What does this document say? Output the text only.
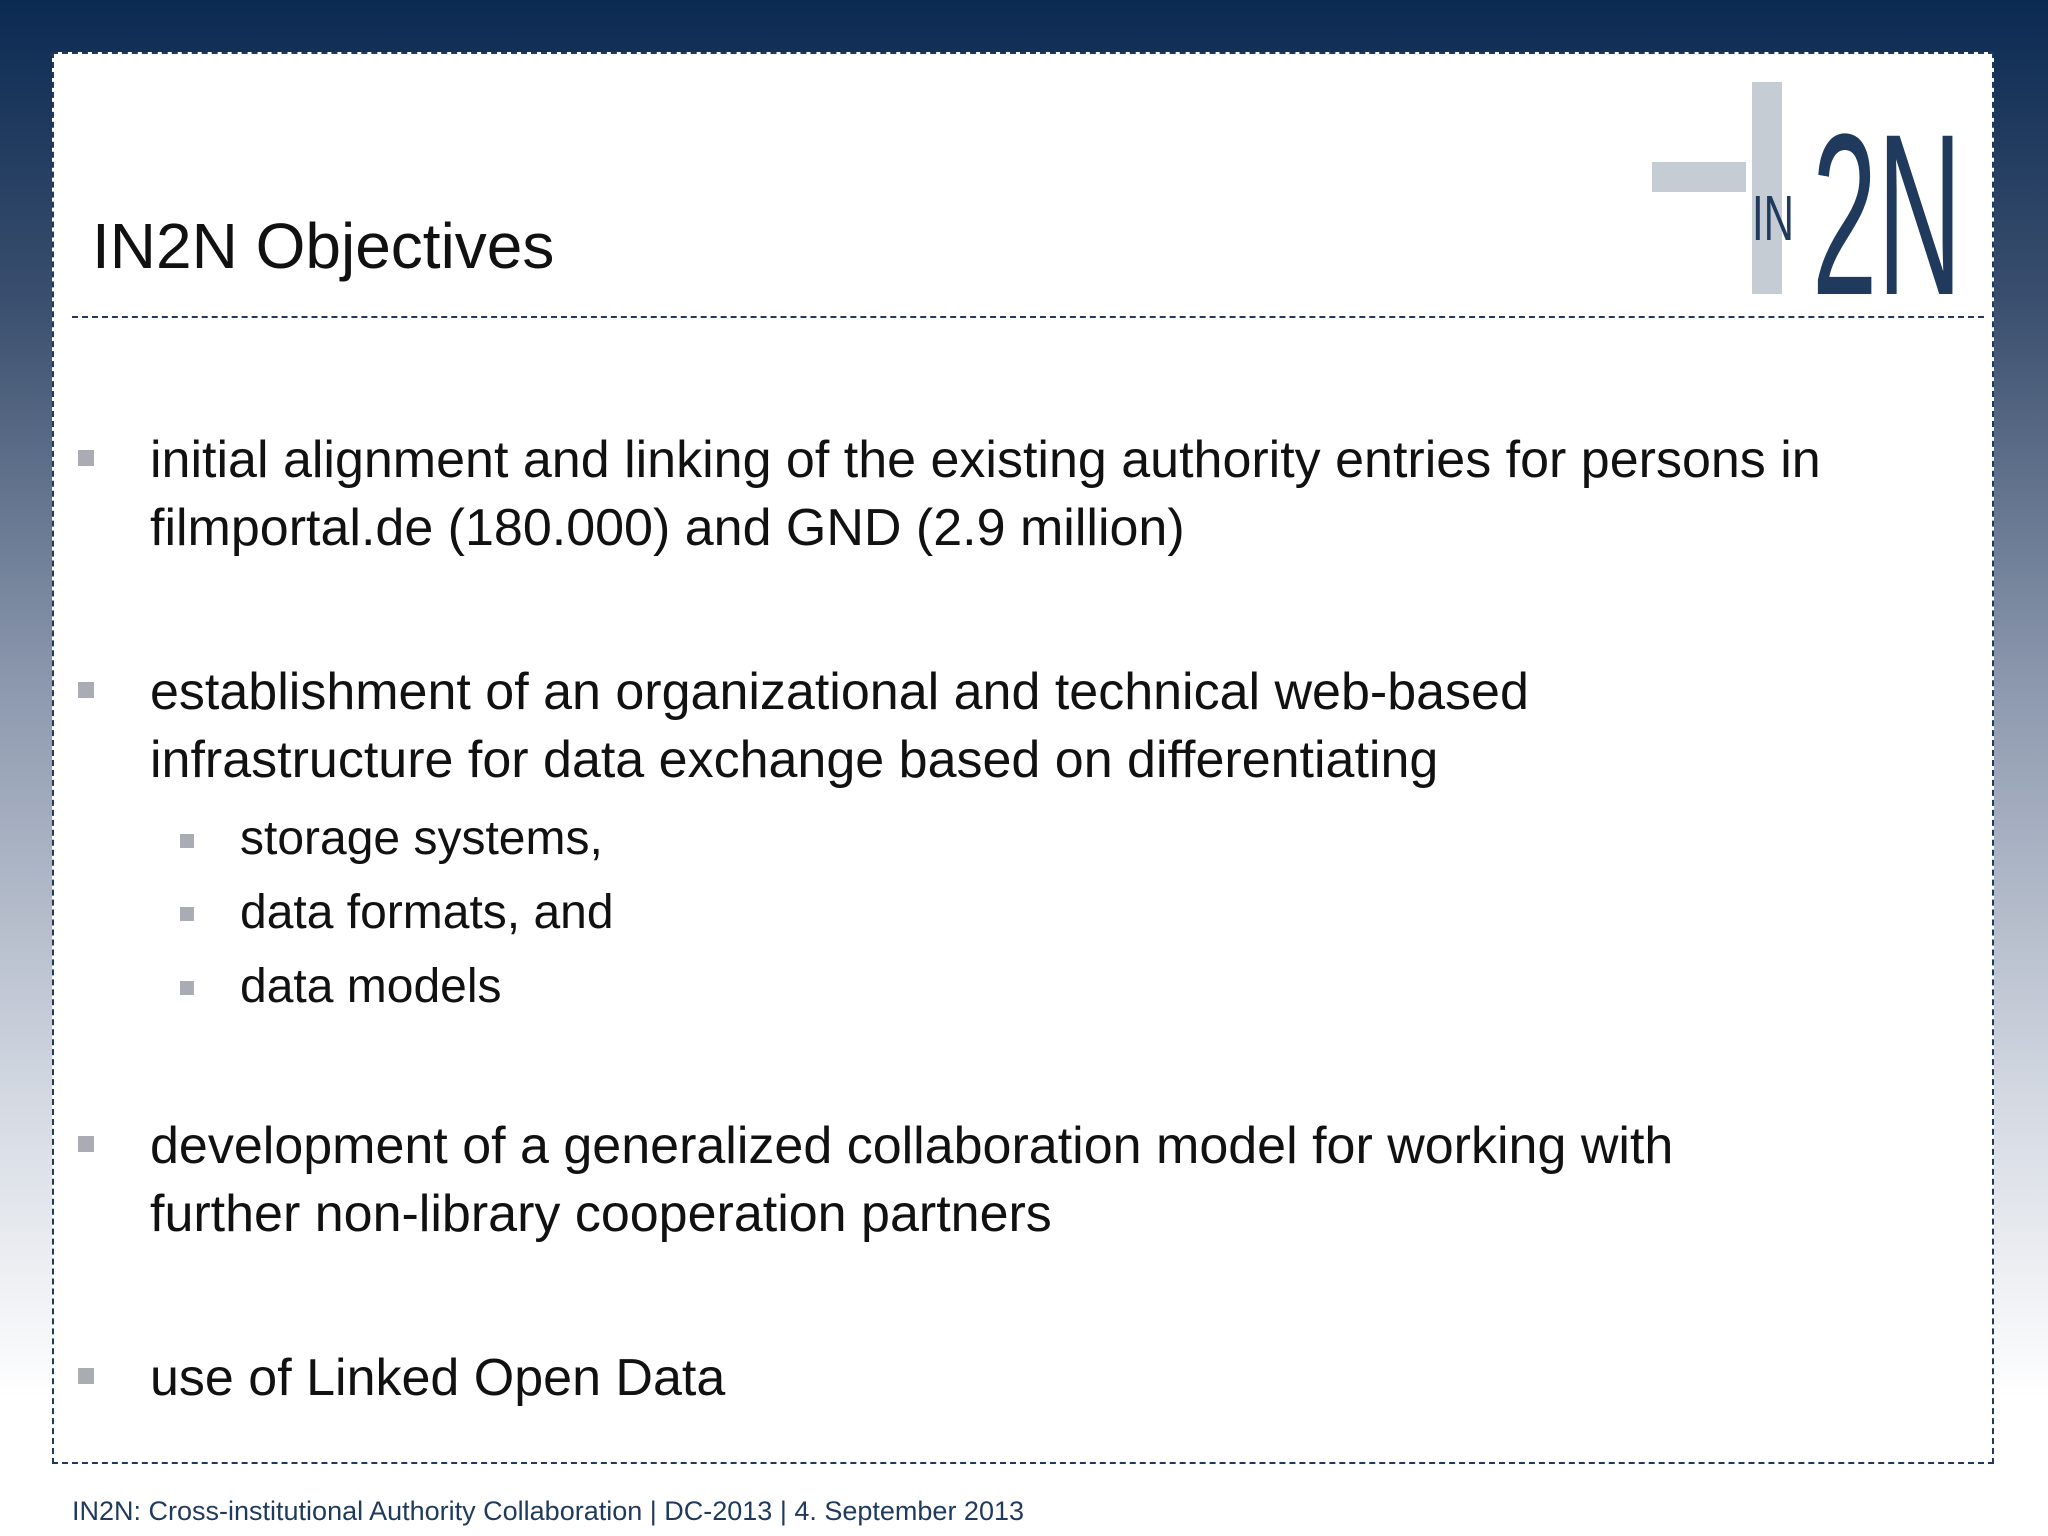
IN2N Objectives	IN 2N
initial alignment and linking of the existing authority entries for persons in
filmportal.de (180.000) and GND (2.9 million)
establishment of an organizational and technical web-based
infrastructure for data exchange based on differentiating
storage systems,
data formats, and
data models
development of a generalized collaboration model for working with
further non-library cooperation partners
use of Linked Open Data
IN2N: Cross-institutional Authority Collaboration | DC-2013 | 4. September 2013
